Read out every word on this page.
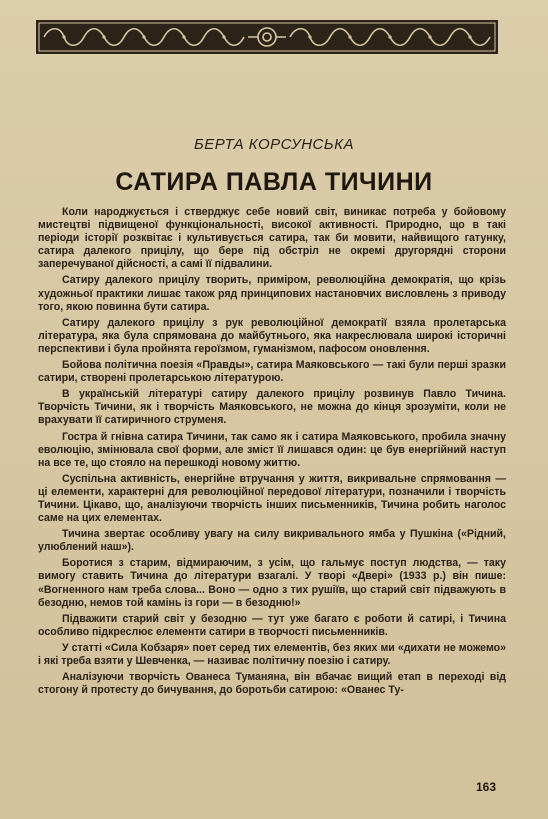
БЕРТА КОРСУНСЬКА
САТИРА ПАВЛА ТИЧИНИ

Коли народжується і стверджує себе новий світ, виникає потреба у бойовому мистецтві підвищеної функціональності, високої активності. Природно, що в такі періоди історії розквітає і культивується сатира, так би мовити, найвищого гатунку, сатира далекого прицілу, що бере під обстріл не окремі другорядні сторони заперечуваної дійсності, а самі її підвалини.

Сатиру далекого прицілу творить, приміром, революційна демократія, що крізь художньої практики лишає також ряд принципових настановчих висловлень з приводу того, якою повинна бути сатира.

Сатиру далекого прицілу з рук революційної демократії взяла пролетарська література, яка була спрямована до майбутнього, яка накреслювала широкі історичні перспективи і була пройнята героїзмом, гуманізмом, пафосом оновлення.

Бойова політична поезія «Правды», сатира Маяковського — такі були перші зразки сатири, створені пролетарською літературою.

В українській літературі сатиру далекого прицілу розвинув Павло Тичина. Творчість Тичини, як і творчість Маяковського, не можна до кінця зрозуміти, коли не врахувати її сатиричного струменя.

Гостра й гнівна сатира Тичини, так само як і сатира Маяковського, пробила значну еволюцію, змінювала свої форми, але зміст її лишався один: це був енергійний наступ на все те, що стояло на перешкоді новому життю.

Суспільна активність, енергійне втручання у життя, викривальне спрямовання — ці елементи, характерні для революційної передової літератури, позначили і творчість Тичини. Цікаво, що, аналізуючи творчість інших письменників, Тичина робить наголос саме на цих елементах.

Тичина звертає особливу увагу на силу викривального ямба у Пушкіна («Рідний, улюблений наш»).

Боротися з старим, відмираючим, з усім, що гальмує поступ людства, — таку вимогу ставить Тичина до літератури взагалі. У творі «Двері» (1933 р.) він пише: «Вогненного нам треба слова... Воно — одно з тих рушіїв, що старий світ підважують в безодню, немов той камінь із гори — в безодню!»

Підважити старий світ у безодню — тут уже багато є роботи й сатирі, і Тичина особливо підкреслює елементи сатири в творчості письменників.

У статті «Сила Кобзаря» поет серед тих елементів, без яких ми «дихати не можемо» і які треба взяти у Шевченка, — називає політичну поезію і сатиру.

Аналізуючи творчість Ованеса Туманяна, він вбачає вищий етап в переході від стогону й протесту до бичування, до боротьби сатирою: «Ованес Ту-

163
